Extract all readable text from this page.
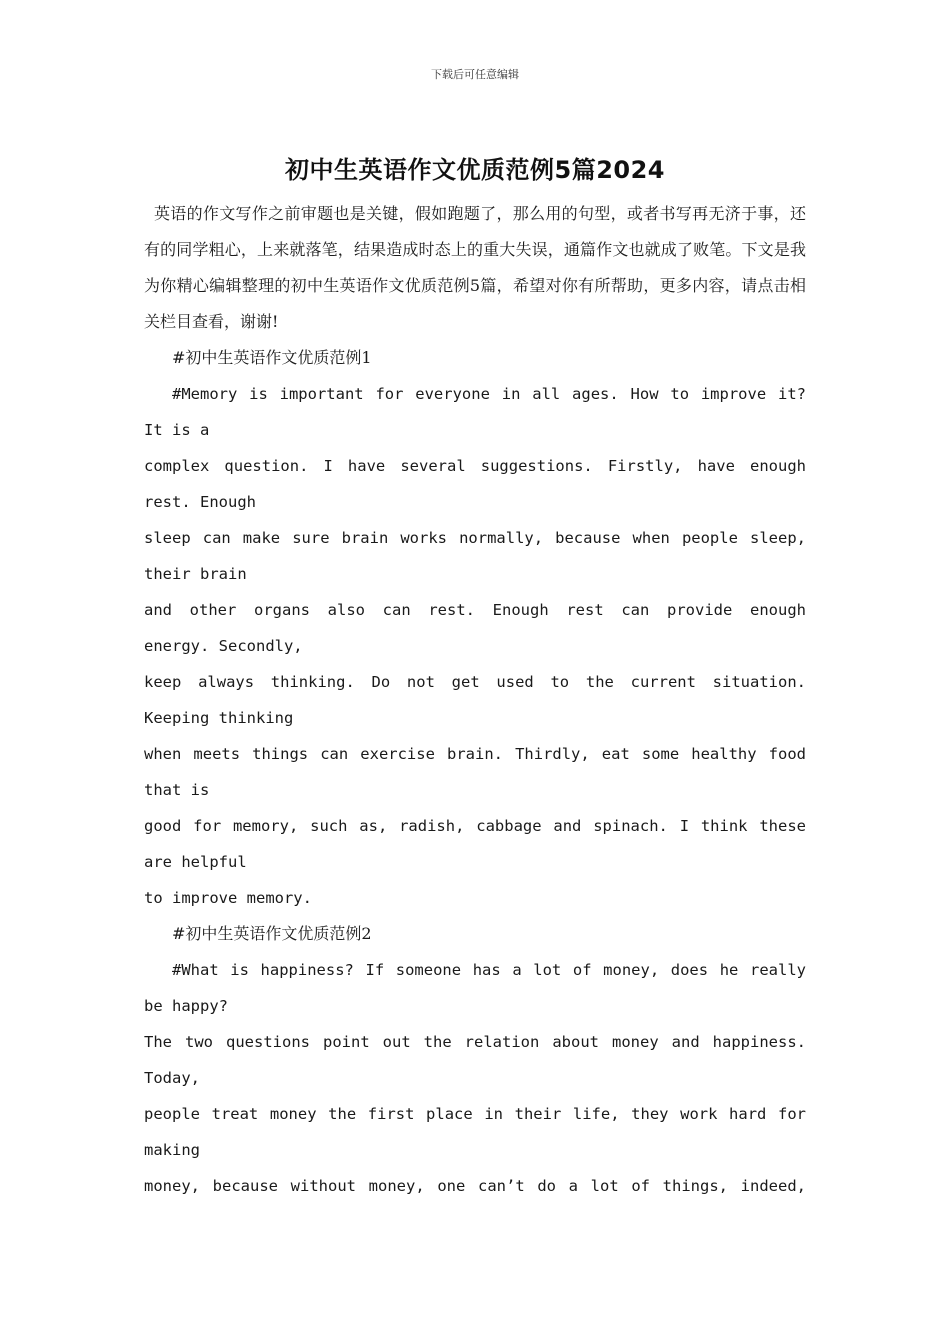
下载后可任意编辑
初中生英语作文优质范例5篇2024

英语的作文写作之前审题也是关键，假如跑题了，那么用的句型，或者书写再无济于事，还有的同学粗心，上来就落笔，结果造成时态上的重大失误，通篇作文也就成了败笔。下文是我为你精心编辑整理的初中生英语作文优质范例5篇，希望对你有所帮助，更多内容，请点击相关栏目查看，谢谢!

#初中生英语作文优质范例1

#Memory is important for everyone in all ages. How to improve it?
It is a
complex question. I have several suggestions. Firstly, have enough
rest. Enough
sleep can make sure brain works normally, because when people sleep,
their brain
and other organs also can rest. Enough rest can provide enough
energy. Secondly,
keep always thinking. Do not get used to the current situation.
Keeping thinking
when meets things can exercise brain. Thirdly, eat some healthy food
that is
good for memory, such as, radish, cabbage and spinach. I think these
are helpful
to improve memory.

#初中生英语作文优质范例2

#What is happiness? If someone has a lot of money, does he really
be happy?
The two questions point out the relation about money and happiness.
Today,
people treat money the first place in their life, they work hard for
making
money, because without money, one can’t do a lot of things, indeed,
